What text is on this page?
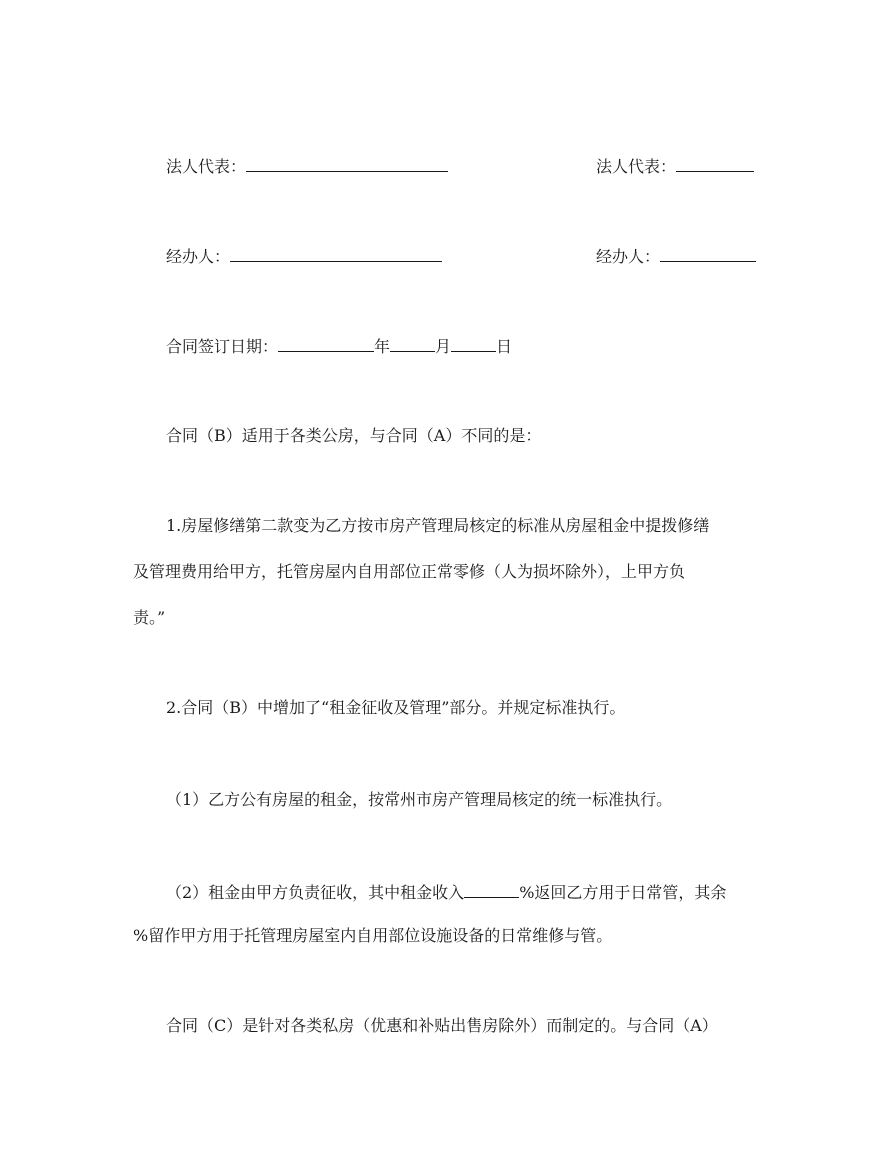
法人代表：	法人代表：
经办人：	经办人：
合同签订日期：	年	月	日
合同（B）适用于各类公房，与合同（A）不同的是：
1.房屋修缮第二款变为乙方按市房产管理局核定的标准从房屋租金中提拨修缮
及管理费用给甲方，托管房屋内自用部位正常零修（人为损坏除外），上甲方负
责。”
2.合同（B）中增加了“租金征收及管理”部分。并规定标准执行。
（1）乙方公有房屋的租金，按常州市房产管理局核定的统一标准执行。
（2）租金由甲方负责征收，其中租金收入	%返回乙方用于日常管，其余
%留作甲方用于托管理房屋室内自用部位设施设备的日常维修与管。
合同（C）是针对各类私房（优惠和补贴出售房除外）而制定的。与合同（A）
